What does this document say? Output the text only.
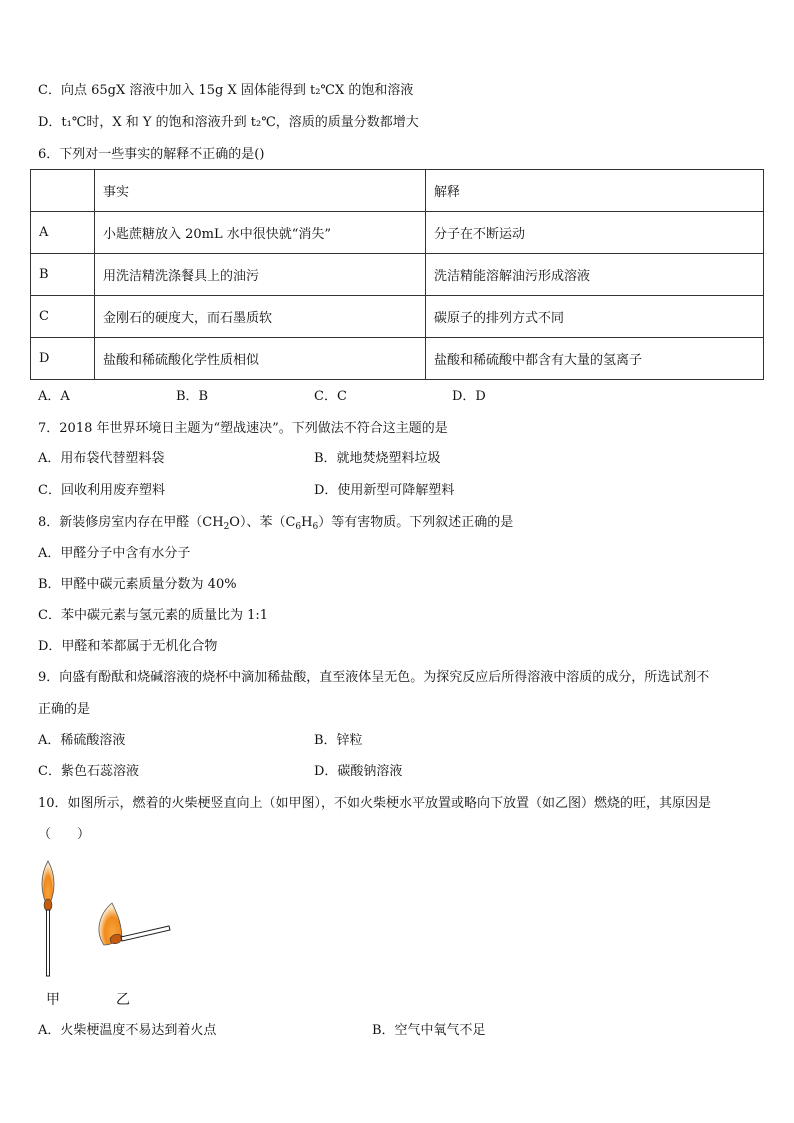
C．向点 65gX 溶液中加入 15g X 固体能得到 t₂℃X 的饱和溶液
D．t₁℃时，X 和 Y 的饱和溶液升到 t₂℃，溶质的质量分数都增大
6．下列对一些事实的解释不正确的是()
	事实	解释
A	小匙蔗糖放入 20mL 水中很快就“消失”	分子在不断运动
B	用洗洁精洗涤餐具上的油污	洗洁精能溶解油污形成溶液
C	金刚石的硬度大，而石墨质软	碳原子的排列方式不同
D	盐酸和稀硫酸化学性质相似	盐酸和稀硫酸中都含有大量的氢离子
A．A	B．B	C．C	D．D
7．2018 年世界环境日主题为“塑战速决”。下列做法不符合这主题的是
A．用布袋代替塑料袋	B．就地焚烧塑料垃圾
C．回收利用废弃塑料	D．使用新型可降解塑料
8．新装修房室内存在甲醛$(CH_2O)$、苯$(C_6H_6)$等有害物质。下列叙述正确的是
A．甲醛分子中含有水分子
B．甲醛中碳元素质量分数为 40%
C．苯中碳元素与氢元素的质量比为 1:1
D．甲醛和苯都属于无机化合物
9．向盛有酚酞和烧碱溶液的烧杯中滴加稀盐酸，直至液体呈无色。为探究反应后所得溶液中溶质的成分，所选试剂不
正确的是
A．稀硫酸溶液	B．锌粒
C．紫色石蕊溶液	D．碳酸钠溶液
10．如图所示，燃着的火柴梗竖直向上（如甲图），不如火柴梗水平放置或略向下放置（如乙图）燃烧的旺，其原因是
（　　）
甲	乙
A．火柴梗温度不易达到着火点	B．空气中氧气不足
